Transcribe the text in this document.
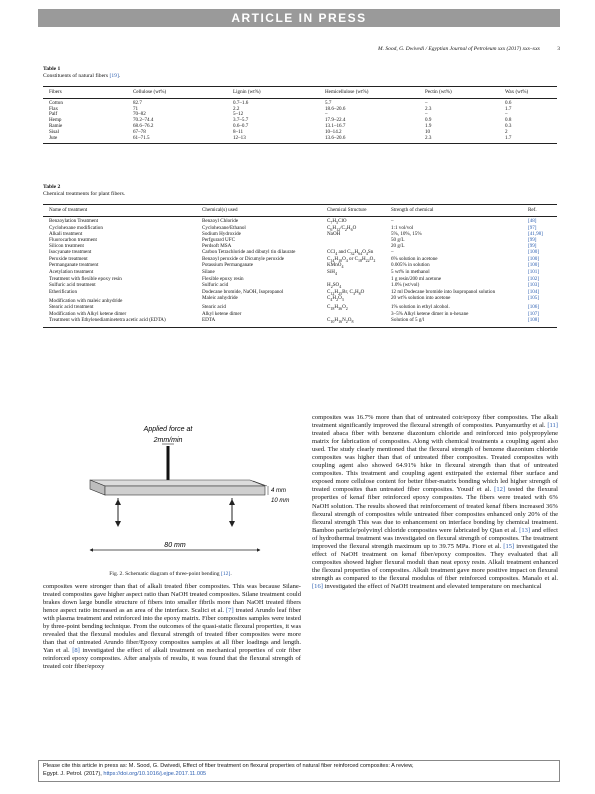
ARTICLE IN PRESS
M. Sood, G. Dwivedi / Egyptian Journal of Petroleum xxx (2017) xxx–xxx	3
Table 1
Constituents of natural fibers [19].
Fibers	Cellulose (wt%)	Lignin (wt%)	Hemicellulose (wt%)	Pectin (wt%)	Wax (wt%)
Cotton	82.7	0.7–1.6	5.7	–	0.6
Flax	71	2.2	18.6–20.6	2.3	1.7
Palf	70–82	5–12	–	–	–
Hemp	70.2–74.4	3.7–5.7	17.9–22.4	0.9	0.8
Ramie	68.6–76.2	0.6–0.7	13.1–16.7	1.9	0.3
Sisal	67–78	8–11	10–14.2	10	2
Jute	61–71.5	12–13	13.6–20.6	2.3	1.7
Table 2
Chemical treatments for plant fibers.
Name of treatment	Chemical(s) used	Chemical Structure	Strength of chemical	Ref.
Benzoylation Treatment	Benzoyl Chloride	$C_7H_5ClO$	–	[48]
Cyclohexane modification	Cyclohexane/Ethanol	$C_6H_{12}/C_2H_6O$	1:1 vol/vol	[97]
Alkali treatment	Sodium Hydroxide	NaOH	5%, 10%, 15%	[41,98]
Fluorocarbon treatment	Perfgurard UFC		50 g/L	[99]
Silicon treatment	Perdsoft MSA		20 g/L	[99]
Isocyanate treatment	Carbon Tetrachloride and dibutyl tin dilaurate	CCl$_4$ and $C_{32}H_{64}O_4Sn$	–	[100]
Peroxide treatment	Benzoyl peroxide or Dicumyle peroxide	$C_{14}H_{10}O_4$ or $C_{18}H_{22}O_2$	6% solution in acetone	[100]
Permanganate treatment	Potassium Permanganate	KMnO$_4$	0.005% in solution	[100]
Acetylation treatment	Silane	SiH$_4$	5 wt% in methanol	[101]
Treatment with flexible epoxy resin	Flexible epoxy resin		1 g resin/200 ml acetone	[102]
Sulfuric acid treatment	Sulfuric acid	$H_2SO_4$	1.0% (wt/vol)	[103]
Etherification	Dodecane bromide, NaOH, Isopropanol	$C_{12}H_{25}Br$, $C_3H_8O$	12 ml Dodecane bromide into Isopropanol solution	[104]
Modification with maleic anhydride	Maleic anhydride	$C_4H_2O_3$	20 wt% solution into acetone	[105]
Stearic acid treatment	Stearic acid	$C_{18}H_{36}O_2$	1% solution in ethyl alcohol.	[106]
Modification with Alkyl ketene dimer	Alkyl ketene dimer		3–5% Alkyl ketene dimer in n-hexane	[107]
Treatment with Ethylenediaminetetra acetic acid (EDTA)	EDTA	$C_{10}H_{16}N_2O_8$	Solution of 5 g/l	[108]
Applied force at
2mm/min
4 mm
10 mm
80 mm
Fig. 2. Schematic diagram of three-point bending [12].
composites were stronger than that of alkali treated fiber composites. This was because Silane-treated composites gave higher aspect ratio than NaOH treated composites. Silane treatment could brakes down large bundle structure of fibers into smaller fibrils more than NaOH treated fibers hence aspect ratio increased as an area of the interface. Scalici et al. [7] treated Arundo leaf fiber with plasma treatment and reinforced into the epoxy matrix. Fiber composites samples were tested by three-point bending technique. From the outcomes of the quasi-static flexural properties, it was revealed that the flexural modules and flexural strength of treated fiber composites were more than that of untreated Arundo fiber/Epoxy composites samples at all fiber loadings and length. Yan et al. [8] investigated the effect of alkali treatment on mechanical properties of coir fiber reinforced epoxy composites. After analysis of results, it was found that the flexural strength of treated coir fiber/epoxy
composites was 16.7% more than that of untreated coir/epoxy fiber composites. The alkali treatment significantly improved the flexural strength of composites. Punyamurthy et al. [11] treated abaca fiber with benzene diazonium chloride and reinforced into polypropylene matrix for fabrication of composites. Along with chemical treatments a coupling agent also used. The study clearly mentioned that the flexural strength of benzene diazonium chloride composites was higher than that of untreated fiber composites. Treated composites with coupling agent also showed 64.91% hike in flexural strength than that of untreated composites. This treatment and coupling agent extirpated the external fiber surface and exposed more cellulose content for better fiber-matrix bonding which led higher strength of treated composites than untreated fiber composites. Yousif et al. [12] tested the flexural properties of kenaf fiber reinforced epoxy composites. The fibers were treated with 6% NaOH solution. The results showed that reinforcement of treated kenaf fibers increased 36% flexural strength of composites while untreated fiber composites enhanced only 20% of the flexural strength This was due to enhancement on interface bonding by chemical treatment. Bamboo particle/polyvinyl chloride composites were fabricated by Qian et al. [13] and effect of hydrothermal treatment was investigated on flexural strength of composites. The treatment improved the flexural strength maximum up to 39.75 MPa. Fiore et al. [15] investigated the effect of NaOH treatment on kenaf fiber/epoxy composites. They evaluated that all composites showed higher flexural moduli than neat epoxy resin. Alkali treatment enhanced the flexural properties of composites. Alkali treatment gave more positive impact on flexural strength as compared to the flexural modulus of fiber reinforced composites. Manalo et al. [16] investigated the effect of NaOH treatment and elevated temperature on mechanical
Please cite this article in press as: M. Sood, G. Dwivedi, Effect of fiber treatment on flexural properties of natural fiber reinforced composites: A review,
Egypt. J. Petrol. (2017), https://doi.org/10.1016/j.ejpe.2017.11.005
